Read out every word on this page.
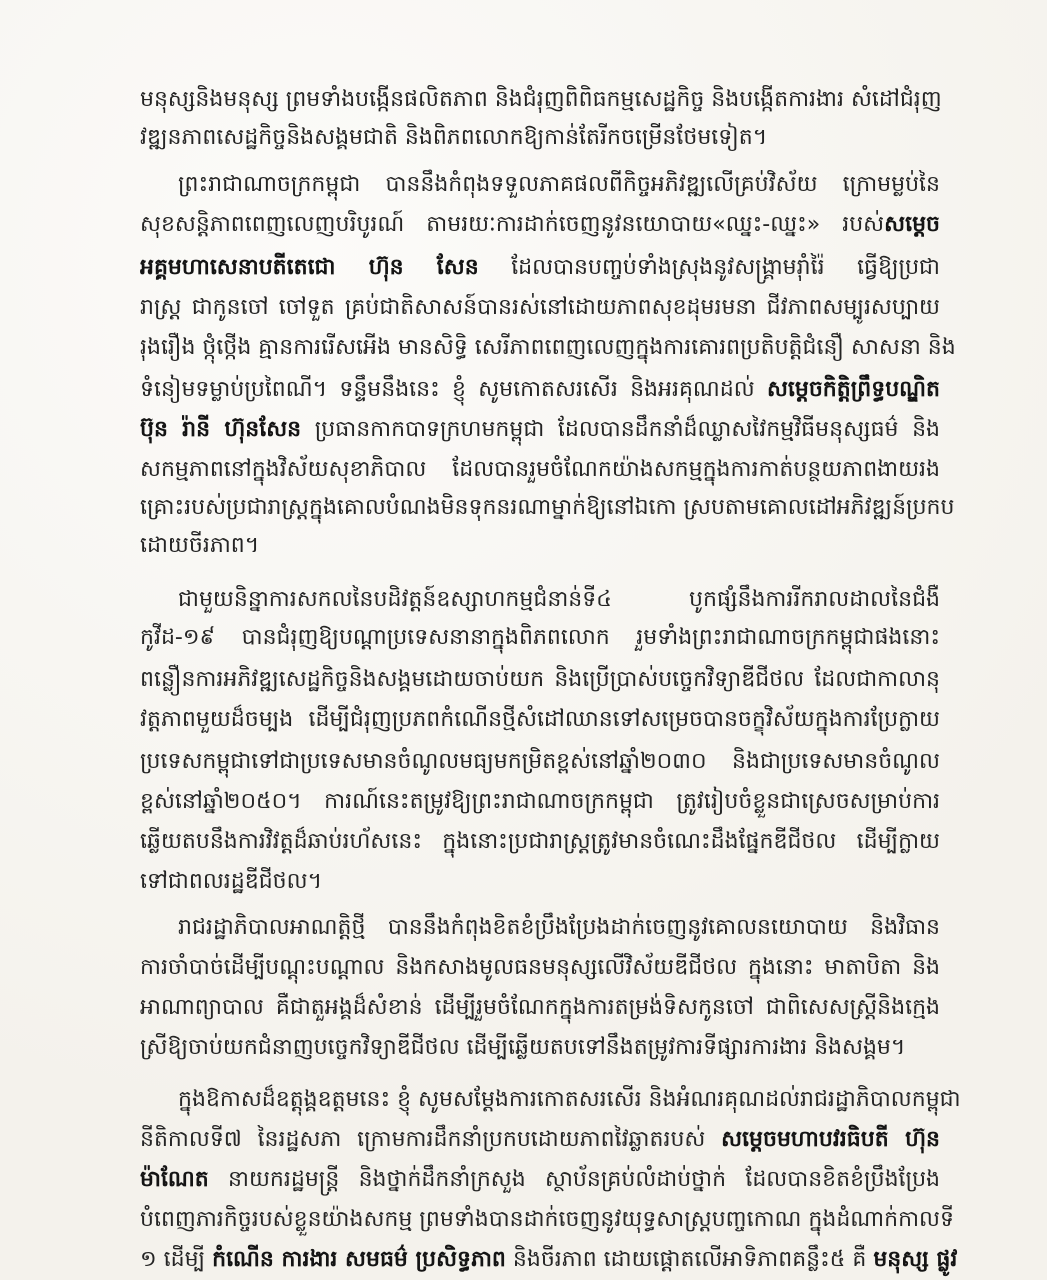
មនុស្សនិងមនុស្ស ព្រមទាំងបង្កើនផលិតភាព និងជំរុញពិពិធកម្មសេដ្ឋកិច្ច និងបង្កើតការងារ សំដៅជំរុញ
វឌ្ឍនភាពសេដ្ឋកិច្ចនិងសង្គមជាតិ និងពិភពលោកឱ្យកាន់តែរីកចម្រើនថែមទៀត។
ព្រះរាជាណាចក្រកម្ពុជា បាននឹងកំពុងទទួលភាគផលពីកិច្ចអភិវឌ្ឍលើគ្រប់វិស័យ ក្រោមម្លប់នៃ
សុខសន្តិភាពពេញលេញបរិបូរណ៍ តាមរយៈការដាក់ចេញនូវនយោបាយ«ឈ្នះ-ឈ្នះ» របស់សម្តេច
អគ្គមហាសេនាបតីតេជោ ហ៊ុន សែន ដែលបានបញ្ចប់ទាំងស្រុងនូវសង្គ្រាមរ៉ាំរ៉ៃ ធ្វើឱ្យប្រជា
រាស្ត្រ ជាកូនចៅ ចៅទួត គ្រប់ជាតិសាសន៍បានរស់នៅដោយភាពសុខដុមរមនា ជីវភាពសម្បូរសប្បាយ
រុងរឿង ថ្កុំថ្កើង គ្មានការរើសអើង មានសិទ្ធិ សេរីភាពពេញលេញក្នុងការគោរពប្រតិបត្តិជំនឿ សាសនា និង
ទំនៀមទម្លាប់ប្រពៃណី។ ទន្ទឹមនឹងនេះ ខ្ញុំ សូមកោតសរសើរ និងអរគុណដល់ សម្តេចកិត្តិព្រឹទ្ធបណ្ឌិត
ប៊ុន រ៉ានី ហ៊ុនសែន ប្រធានកាកបាទក្រហមកម្ពុជា ដែលបានដឹកនាំដ៏ឈ្លាសវៃកម្មវិធីមនុស្សធម៌ និង
សកម្មភាពនៅក្នុងវិស័យសុខាភិបាល ដែលបានរួមចំណែកយ៉ាងសកម្មក្នុងការកាត់បន្ថយភាពងាយរង
គ្រោះរបស់ប្រជារាស្ត្រក្នុងគោលបំណងមិនទុកនរណាម្នាក់ឱ្យនៅឯកោ ស្របតាមគោលដៅអភិវឌ្ឍន៍ប្រកប
ដោយចីរភាព។
ជាមួយនិន្នាការសកលនៃបដិវត្តន៍ឧស្សាហកម្មជំនាន់ទី៤ បូកផ្សំនឹងការរីករាលដាលនៃជំងឺ
កូវីដ-១៩ បានជំរុញឱ្យបណ្តាប្រទេសនានាក្នុងពិភពលោក រួមទាំងព្រះរាជាណាចក្រកម្ពុជាផងនោះ
ពន្លឿនការអភិវឌ្ឍសេដ្ឋកិច្ចនិងសង្គមដោយចាប់យក និងប្រើប្រាស់បច្ចេកវិទ្យាឌីជីថល ដែលជាកាលានុ
វត្តភាពមួយដ៏ចម្បង ដើម្បីជំរុញប្រភពកំណើនថ្មីសំដៅឈានទៅសម្រេចបានចក្ខុវិស័យក្នុងការប្រែក្លាយ
ប្រទេសកម្ពុជាទៅជាប្រទេសមានចំណូលមធ្យមកម្រិតខ្ពស់នៅឆ្នាំ២០៣០ និងជាប្រទេសមានចំណូល
ខ្ពស់នៅឆ្នាំ២០៥០។ ការណ៍នេះតម្រូវឱ្យព្រះរាជាណាចក្រកម្ពុជា ត្រូវរៀបចំខ្លួនជាស្រេចសម្រាប់ការ
ឆ្លើយតបនឹងការវិវត្តដ៏ឆាប់រហ័សនេះ ក្នុងនោះប្រជារាស្ត្រត្រូវមានចំណេះដឹងផ្នែកឌីជីថល ដើម្បីក្លាយ
ទៅជាពលរដ្ឋឌីជីថល។
រាជរដ្ឋាភិបាលអាណត្តិថ្មី បាននឹងកំពុងខិតខំប្រឹងប្រែងដាក់ចេញនូវគោលនយោបាយ និងវិធាន
ការចាំបាច់ដើម្បីបណ្តុះបណ្តាល និងកសាងមូលធនមនុស្សលើវិស័យឌីជីថល ក្នុងនោះ មាតាបិតា និង
អាណាព្យាបាល គឺជាតួអង្គដ៏សំខាន់ ដើម្បីរួមចំណែកក្នុងការតម្រង់ទិសកូនចៅ ជាពិសេសស្ត្រីនិងក្មេង
ស្រីឱ្យចាប់យកជំនាញបច្ចេកវិទ្យាឌីជីថល ដើម្បីឆ្លើយតបទៅនឹងតម្រូវការទីផ្សារការងារ និងសង្គម។
ក្នុងឱកាសដ៏ឧត្តុង្គឧត្តមនេះ ខ្ញុំ សូមសម្តែងការកោតសរសើរ និងអំណរគុណដល់រាជរដ្ឋាភិបាលកម្ពុជា
នីតិកាលទី៧ នៃរដ្ឋសភា ក្រោមការដឹកនាំប្រកបដោយភាពវៃឆ្លាតរបស់ សម្តេចមហាបវរធិបតី ហ៊ុន
ម៉ាណែត នាយករដ្ឋមន្ត្រី និងថ្នាក់ដឹកនាំក្រសួង ស្ថាប័នគ្រប់លំដាប់ថ្នាក់ ដែលបានខិតខំប្រឹងប្រែង
បំពេញភារកិច្ចរបស់ខ្លួនយ៉ាងសកម្ម ព្រមទាំងបានដាក់ចេញនូវយុទ្ធសាស្ត្របញ្ចកោណ ក្នុងដំណាក់កាលទី
១ ដើម្បី កំណើន ការងារ សមធម៌ ប្រសិទ្ធភាព និងចីរភាព ដោយផ្តោតលើអាទិភាពគន្លឹះ៥ គឺ មនុស្ស ផ្លូវ
